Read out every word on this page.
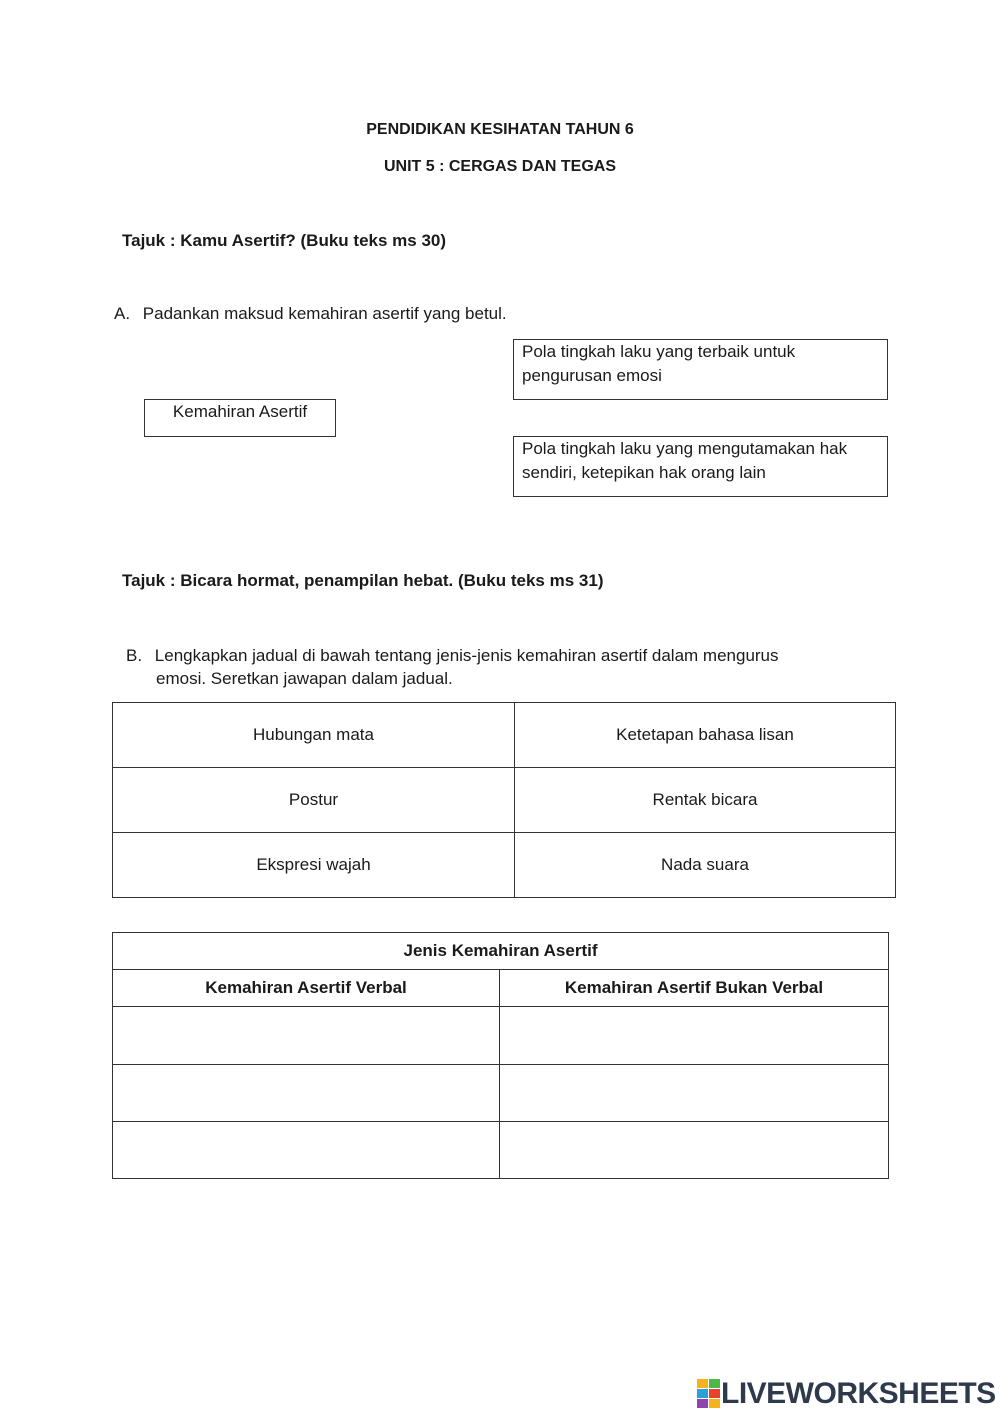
PENDIDIKAN KESIHATAN TAHUN 6
UNIT 5 : CERGAS DAN TEGAS
Tajuk : Kamu Asertif? (Buku teks ms 30)
A. Padankan maksud kemahiran asertif yang betul.
Pola tingkah laku yang terbaik untuk pengurusan emosi
Kemahiran Asertif
Pola tingkah laku yang mengutamakan hak sendiri, ketepikan hak orang lain
Tajuk : Bicara hormat, penampilan hebat. (Buku teks ms 31)
B. Lengkapkan jadual di bawah tentang jenis-jenis kemahiran asertif dalam mengurus
emosi. Seretkan jawapan dalam jadual.
Hubungan mata	Ketetapan bahasa lisan
Postur	Rentak bicara
Ekspresi wajah	Nada suara
Jenis Kemahiran Asertif	
Kemahiran Asertif Verbal	Kemahiran Asertif Bukan Verbal

LIVEWORKSHEETS
